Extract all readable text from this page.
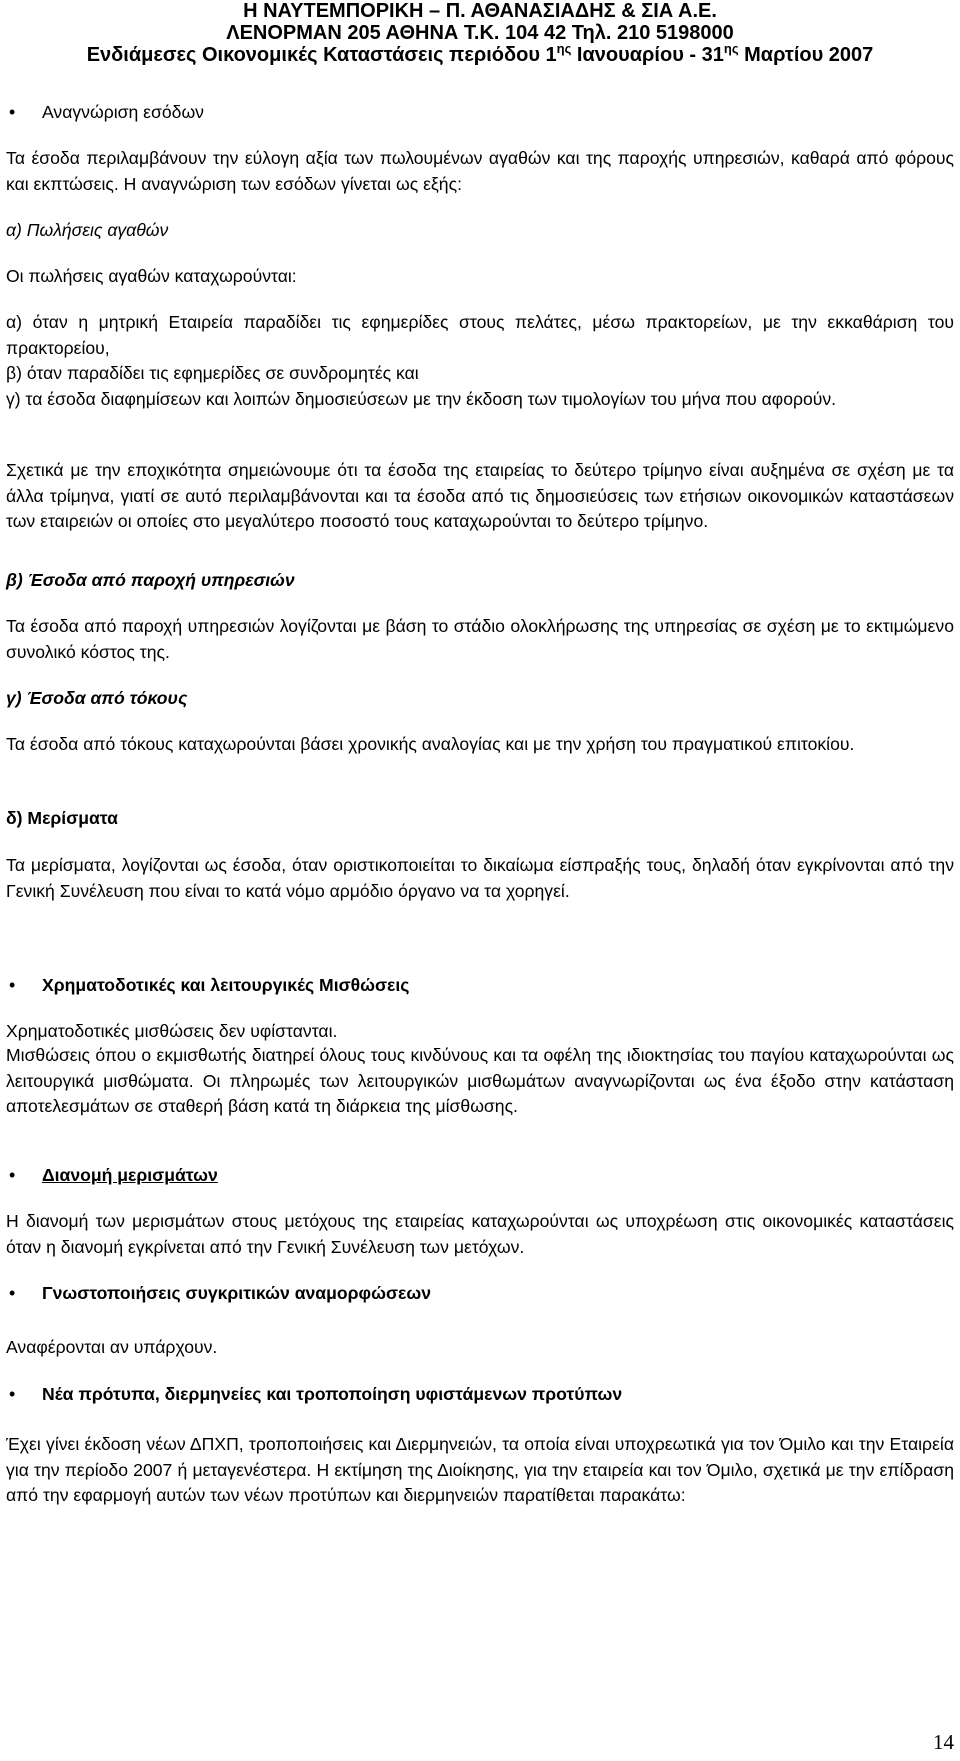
Η ΝΑΥΤΕΜΠΟΡΙΚΗ – Π. ΑΘΑΝΑΣΙΑΔΗΣ & ΣΙΑ Α.Ε.
ΛΕΝΟΡΜΑΝ 205 ΑΘΗΝΑ Τ.Κ. 104 42 Τηλ. 210 5198000
Ενδιάμεσες Οικονομικές Καταστάσεις περιόδου $1^{\eta\varsigma}$ Ιανουαρίου - $31^{\eta\varsigma}$ Μαρτίου 2007
• Αναγνώριση εσόδων

Τα έσοδα περιλαμβάνουν την εύλογη αξία των πωλουμένων αγαθών και της παροχής υπηρεσιών, καθαρά από φόρους και εκπτώσεις. Η αναγνώριση των εσόδων γίνεται ως εξής:

α) Πωλήσεις αγαθών

Οι πωλήσεις αγαθών καταχωρούνται:

α) όταν η μητρική Εταιρεία παραδίδει τις εφημερίδες στους πελάτες, μέσω πρακτορείων, με την εκκαθάριση του πρακτορείου,

β) όταν παραδίδει τις εφημερίδες σε συνδρομητές και

γ) τα έσοδα διαφημίσεων και λοιπών δημοσιεύσεων με την έκδοση των τιμολογίων του μήνα που αφορούν.

Σχετικά με την εποχικότητα σημειώνουμε ότι τα έσοδα της εταιρείας το δεύτερο τρίμηνο είναι αυξημένα σε σχέση με τα άλλα τρίμηνα, γιατί σε αυτό περιλαμβάνονται και τα έσοδα από τις δημοσιεύσεις των ετήσιων οικονομικών καταστάσεων των εταιρειών οι οποίες στο μεγαλύτερο ποσοστό τους καταχωρούνται το δεύτερο τρίμηνο.

β) Έσοδα από παροχή υπηρεσιών

Τα έσοδα από παροχή υπηρεσιών λογίζονται με βάση το στάδιο ολοκλήρωσης της υπηρεσίας σε σχέση με το εκτιμώμενο συνολικό κόστος της.

γ) Έσοδα από τόκους

Τα έσοδα από τόκους καταχωρούνται βάσει χρονικής αναλογίας και με την χρήση του πραγματικού επιτοκίου.

δ) Μερίσματα

Τα μερίσματα, λογίζονται ως έσοδα, όταν οριστικοποιείται το δικαίωμα είσπραξής τους, δηλαδή όταν εγκρίνονται από την Γενική Συνέλευση που είναι το κατά νόμο αρμόδιο όργανο να τα χορηγεί.

• Χρηματοδοτικές και λειτουργικές Μισθώσεις

Χρηματοδοτικές μισθώσεις δεν υφίστανται.

Μισθώσεις όπου ο εκμισθωτής διατηρεί όλους τους κινδύνους και τα οφέλη της ιδιοκτησίας του παγίου καταχωρούνται ως λειτουργικά μισθώματα. Οι πληρωμές των λειτουργικών μισθωμάτων αναγνωρίζονται ως ένα έξοδο στην κατάσταση αποτελεσμάτων σε σταθερή βάση κατά τη διάρκεια της μίσθωσης.

• Διανομή μερισμάτων

Η διανομή των μερισμάτων στους μετόχους της εταιρείας καταχωρούνται ως υποχρέωση στις οικονομικές καταστάσεις όταν η διανομή εγκρίνεται από την Γενική Συνέλευση των μετόχων.

• Γνωστοποιήσεις συγκριτικών αναμορφώσεων

Αναφέρονται αν υπάρχουν.

• Νέα πρότυπα, διερμηνείες και τροποποίηση υφιστάμενων προτύπων

Έχει γίνει έκδοση νέων ΔΠΧΠ, τροποποιήσεις και Διερμηνειών, τα οποία είναι υποχρεωτικά για τον Όμιλο και την Εταιρεία για την περίοδο 2007 ή μεταγενέστερα. Η εκτίμηση της Διοίκησης, για την εταιρεία και τον Όμιλο, σχετικά με την επίδραση από την εφαρμογή αυτών των νέων προτύπων και διερμηνειών παρατίθεται παρακάτω:

14
